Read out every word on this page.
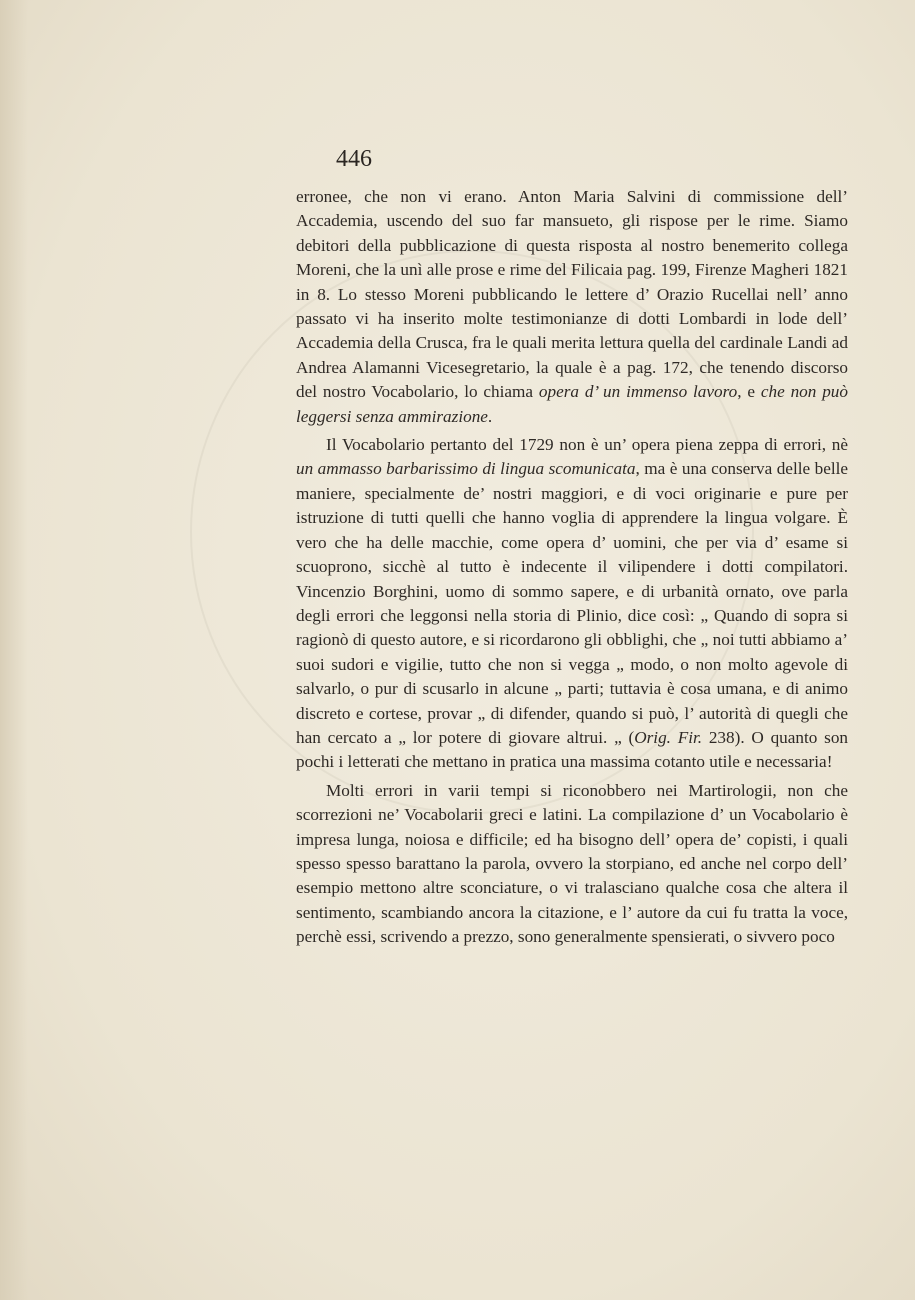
446

erronee, che non vi erano. Anton Maria Salvini di commissione dell’ Accademia, uscendo del suo far mansueto, gli rispose per le rime. Siamo debitori della pubblicazione di questa risposta al nostro benemerito collega Moreni, che la unì alle prose e rime del Filicaia pag. 199, Firenze Magheri 1821 in 8. Lo stesso Moreni pubblicando le lettere d’ Orazio Rucellai nell’ anno passato vi ha inserito molte testimonianze di dotti Lombardi in lode dell’ Accademia della Crusca, fra le quali merita lettura quella del cardinale Landi ad Andrea Alamanni Vicesegretario, la quale è a pag. 172, che tenendo discorso del nostro Vocabolario, lo chiama opera d’ un immenso lavoro, e che non può leggersi senza ammirazione.

Il Vocabolario pertanto del 1729 non è un’ opera piena zeppa di errori, nè un ammasso barbarissimo di lingua scomunicata, ma è una conserva delle belle maniere, specialmente de’ nostri maggiori, e di voci originarie e pure per istruzione di tutti quelli che hanno voglia di apprendere la lingua volgare. È vero che ha delle macchie, come opera d’ uomini, che per via d’ esame si scuoprono, sicchè al tutto è indecente il vilipendere i dotti compilatori. Vincenzio Borghini, uomo di sommo sapere, e di urbanità ornato, ove parla degli errori che leggonsi nella storia di Plinio, dice così: „ Quando di sopra si ragionò di questo autore, e si ricordarono gli obblighi, che „ noi tutti abbiamo a’ suoi sudori e vigilie, tutto che non si vegga „ modo, o non molto agevole di salvarlo, o pur di scusarlo in alcune „ parti; tuttavia è cosa umana, e di animo discreto e cortese, provar „ di difender, quando si può, l’ autorità di quegli che han cercato a „ lor potere di giovare altrui. „ (Orig. Fir. 238). O quanto son pochi i letterati che mettano in pratica una massima cotanto utile e necessaria!

Molti errori in varii tempi si riconobbero nei Martirologii, non che scorrezioni ne’ Vocabolarii greci e latini. La compilazione d’ un Vocabolario è impresa lunga, noiosa e difficile; ed ha bisogno dell’ opera de’ copisti, i quali spesso spesso barattano la parola, ovvero la storpiano, ed anche nel corpo dell’ esempio mettono altre sconciature, o vi tralasciano qualche cosa che altera il sentimento, scambiando ancora la citazione, e l’ autore da cui fu tratta la voce, perchè essi, scrivendo a prezzo, sono generalmente spensierati, o sivvero poco
